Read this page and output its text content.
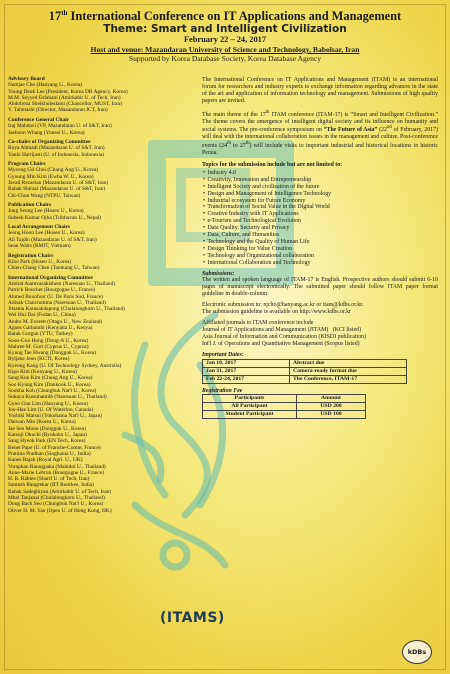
17th International Conference on IT Applications and Management
Theme: Smart and Intelligent Civilization
February 22 – 24, 2017
Host and venue: Mazandaran University of Science and Technology, Babolsar, Iran
Supported by Korea Database Society, Korea Database Agency
Advisory Board
Namjae Cho (Hanyang U., Korea)
Young Deok Lee (President, Korea DB Agency, Korea)
M.M. Seyyed Esfahani (Amirkabir U. of Tech, Iran)
Abdolreza Sheikholeslami (Chancellor, MUST, Iran)
Y. Tahmasbi (Director, Mazandaran ICT, Iran)
Conference General Chair
Iraj Mahdavi (VP, Mazandaran U. of S&T, Iran)
Jaehoon Whang (Yonsei U., Korea)
Co-chairs of Organizing Committee
Roya Ahmadi (Mazandaran U. of S&T, Iran)
Yanki Hartijasti (U. of Indonesia, Indonesia)
Program Chairs
Myeong Gil Choi (Chung Ang U., Korea)
Gyoung Min Kim (Ewha W. U., Korea)
Javad Rezaeian (Mazandaran U. of S&T, Iran)
Babak Shirazi (Mazandaran U. of S&T, Iran)
Chi-Chun Wang (NTPU, Taiwan)
Publication Chairs
Jung Seung Lee (Hoseo U., Korea)
Subesh Kumar Ojha (Tribhuvan U., Nepal)
Local Arrangement Chairs
Jeong Hoon Lee (Hoseo U., Korea)
Ali Tajdin (Mazandaran U. of S&T, Iran)
Sean Watts (RMIT, Vietnam)
Registration Chairs
Kiho Park (Hoseo U., Korea)
Chien-Chang Chen (Tamkang U., Taiwan)
International Organizing Committee
Amirat Aiamvasakishem (Naresuan U., Thailand)
Patrick Bouchet (Bourgogne U., France)
Ahmed Bounfour (U. De Paris Sud, France)
Adisak Chaichutima (Naresuan U., Thailand)
Jitsama Karusakdapong (Chulalongkorn U., Thailand)
Wei Hui Dai (Fudan U., China)
Andre M. Everett (Otago U., New Zealand)
Agnes Gathumbi (Kenyatta U., Kenya)
Baluk Gorgun (YTU, Turkey)
Soon-Goo Hong (Dong-A U., Korea)
Mahree M. Guri (Cyprus U., Cyprus)
Kyung Tae Hwang (Dongguk U., Korea)
Byljane Jeon (KCTI, Korea)
Kyeong Kang (U. Of Technology Sydney, Australia)
Kipo Kim (Konyang U., Korea)
Sang Kun Kim (Chung Ang U., Korea)
Soo Kyung Kim (Dankook U., Korea)
Sookha Koh (Chungbuk Nat'l U., Korea)
Sukaya Kusumamith (Naresuan U., Thailand)
Gyoo Gun Lim (Hanyang U., Korea)
Joo-Hae Lim (U. Of Waterloo, Canada)
Yoshiki Matsui (Yokohama Nat'l U., Japan)
Daiwan Min (Korea U., Korea)
Jae Seo Moon (Dongguk U., Korea)
Katsuji Okuchi (Ryukoku U., Japan)
Sang Hyeok Park (EN Tech, Korea)
Benet Pape (U. of Franche-Comte, France)
Pratima Pradhan (Singhania U., India)
Kanes Rajah (Royal Agri. U., UK)
Voraphan Raungpaka (Mahidol U., Thailand)
Anne-Marie Lebrun (Bourgogne U., France)
H. R. Rabiee (Sharif U. of Tech, Iran)
Santosh Rangrekar (IIT Roorkee, India)
Babak Sadeghiyan (Amirkabir U. of Tech, Iran)
Mhel Tanjanai (Chulalongkorn U., Thailand)
Dong Back Seo (Chungbuk Nat'l U., Korea)
Oliver H. M. Yau (Open U. of Hong Kong, HK)
The International Conference on IT Applications and Management (ITAM) is an international forum for researchers and industry experts to exchange information regarding advances in the state of the art and application of information technology and management. Submissions of high quality papers are invited.
The main theme of the 17th ITAM conference (ITAM-17) is “Smart and Intelligent Civilization.” The theme covers the emergence of intelligent digital society and its influence on humanity and social systems. The pre-conference symposium on “The Future of Asia” (22nd of February, 2017) will deal with the international collaboration issues in the management and culture. Post-conference events (24th to 27th) will include visits to important industrial and historical locations in historic Persia.
Topics for the submission include but are not limited to:
• Industry 4.0
• Creativity, Innovation and Entrepreneurship
• Intelligent Society and civilization of the future
• Design and Management of Intelligence Technology
• Industrial ecosystem for Future Economy
• Transformation of Social Value in the Digital World
• Creative Industry with IT Applications
• e-Tourism and Technological Evolution
• Data Quality, Security and Privacy
• Data, Culture, and Humanities
• Technology and the Quality of Human Life
• Design Thinking for Value Creation
• Technology and Organizational collaboration
• International Collaboration and Technology
Submissions:
The written and spoken language of ITAM-17 is English. Prospective authors should submit 6-10 pages of manuscript electronically. The submitted paper should follow ITAM paper format guideline in double-column.
Electronic submission to: njcho@hanyang.ac.kr or itam@kdbs.or.kr.
The submission guideline is available on http://www.kdbs.or.kr
Affiliated journals to ITAM conference include
Journal of IT Applications and Management (JITAM)   (KCI listed)
Asia Journal of Information and Communication (KISDI publication)
Int'l J. of Operations and Quantitative Management (Scopus listed)
Important Dates:
Jan 10, 2017	Abstract due
Jan 31, 2017	Camera-ready format due
Feb 22-24, 2017	The Conference, ITAM-17
Registration Fee
Participants	Amount
All Participant	USD 200
Student Participant	USD 100
(ITAMS)
kDBs
